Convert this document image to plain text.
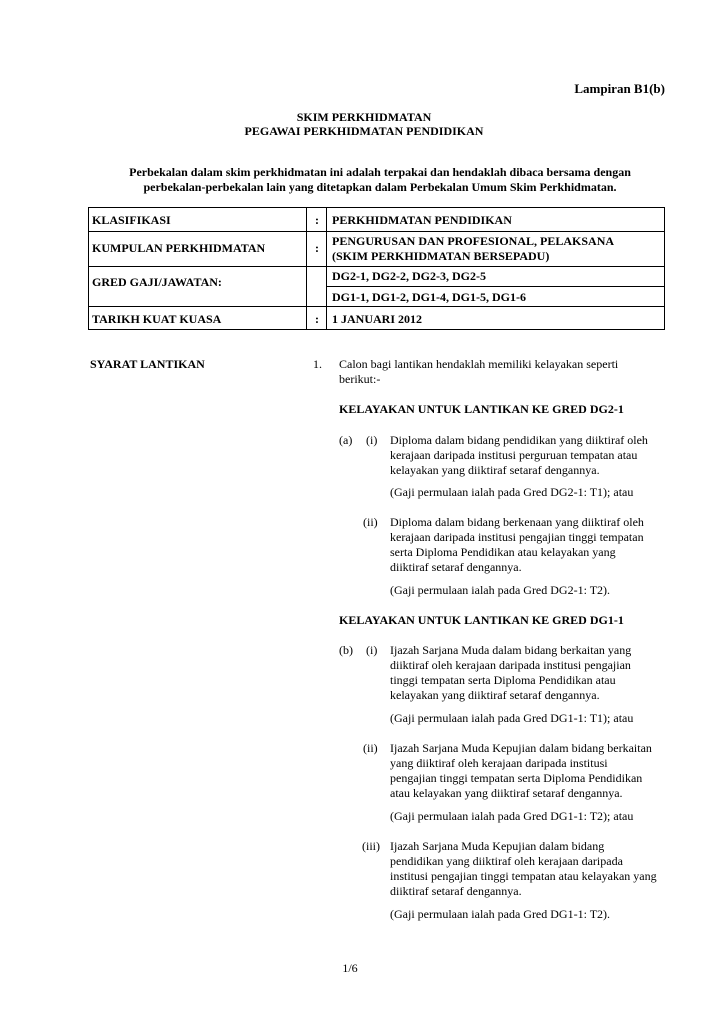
Lampiran B1(b)
SKIM PERKHIDMATAN
PEGAWAI PERKHIDMATAN PENDIDIKAN
Perbekalan dalam skim perkhidmatan ini adalah terpakai dan hendaklah dibaca bersama dengan
perbekalan-perbekalan lain yang ditetapkan dalam Perbekalan Umum Skim Perkhidmatan.
KLASIFIKASI	:	PERKHIDMATAN PENDIDIKAN
KUMPULAN PERKHIDMATAN	:	PENGURUSAN DAN PROFESIONAL, PELAKSANA
(SKIM PERKHIDMATAN BERSEPADU)
GRED GAJI/JAWATAN:	DG2-1, DG2-2, DG2-3, DG2-5
DG1-1, DG1-2, DG1-4, DG1-5, DG1-6
TARIKH KUAT KUASA	:	1 JANUARI 2012
SYARAT LANTIKAN	1. Calon bagi lantikan hendaklah memiliki kelayakan seperti
berikut:-
KELAYAKAN UNTUK LANTIKAN KE GRED DG2-1
(a) (i) Diploma dalam bidang pendidikan yang diiktiraf oleh
kerajaan daripada institusi perguruan tempatan atau
kelayakan yang diiktiraf setaraf dengannya.
(Gaji permulaan ialah pada Gred DG2-1: T1); atau
(ii) Diploma dalam bidang berkenaan yang diiktiraf oleh
kerajaan daripada institusi pengajian tinggi tempatan
serta Diploma Pendidikan atau kelayakan yang
diiktiraf setaraf dengannya.
(Gaji permulaan ialah pada Gred DG2-1: T2).
KELAYAKAN UNTUK LANTIKAN KE GRED DG1-1
(b) (i) Ijazah Sarjana Muda dalam bidang berkaitan yang
diiktiraf oleh kerajaan daripada institusi pengajian
tinggi tempatan serta Diploma Pendidikan atau
kelayakan yang diiktiraf setaraf dengannya.
(Gaji permulaan ialah pada Gred DG1-1: T1); atau
(ii) Ijazah Sarjana Muda Kepujian dalam bidang berkaitan
yang diiktiraf oleh kerajaan daripada institusi
pengajian tinggi tempatan serta Diploma Pendidikan
atau kelayakan yang diiktiraf setaraf dengannya.
(Gaji permulaan ialah pada Gred DG1-1: T2); atau
(iii) Ijazah Sarjana Muda Kepujian dalam bidang
pendidikan yang diiktiraf oleh kerajaan daripada
institusi pengajian tinggi tempatan atau kelayakan yang
diiktiraf setaraf dengannya.
(Gaji permulaan ialah pada Gred DG1-1: T2).
1/6
